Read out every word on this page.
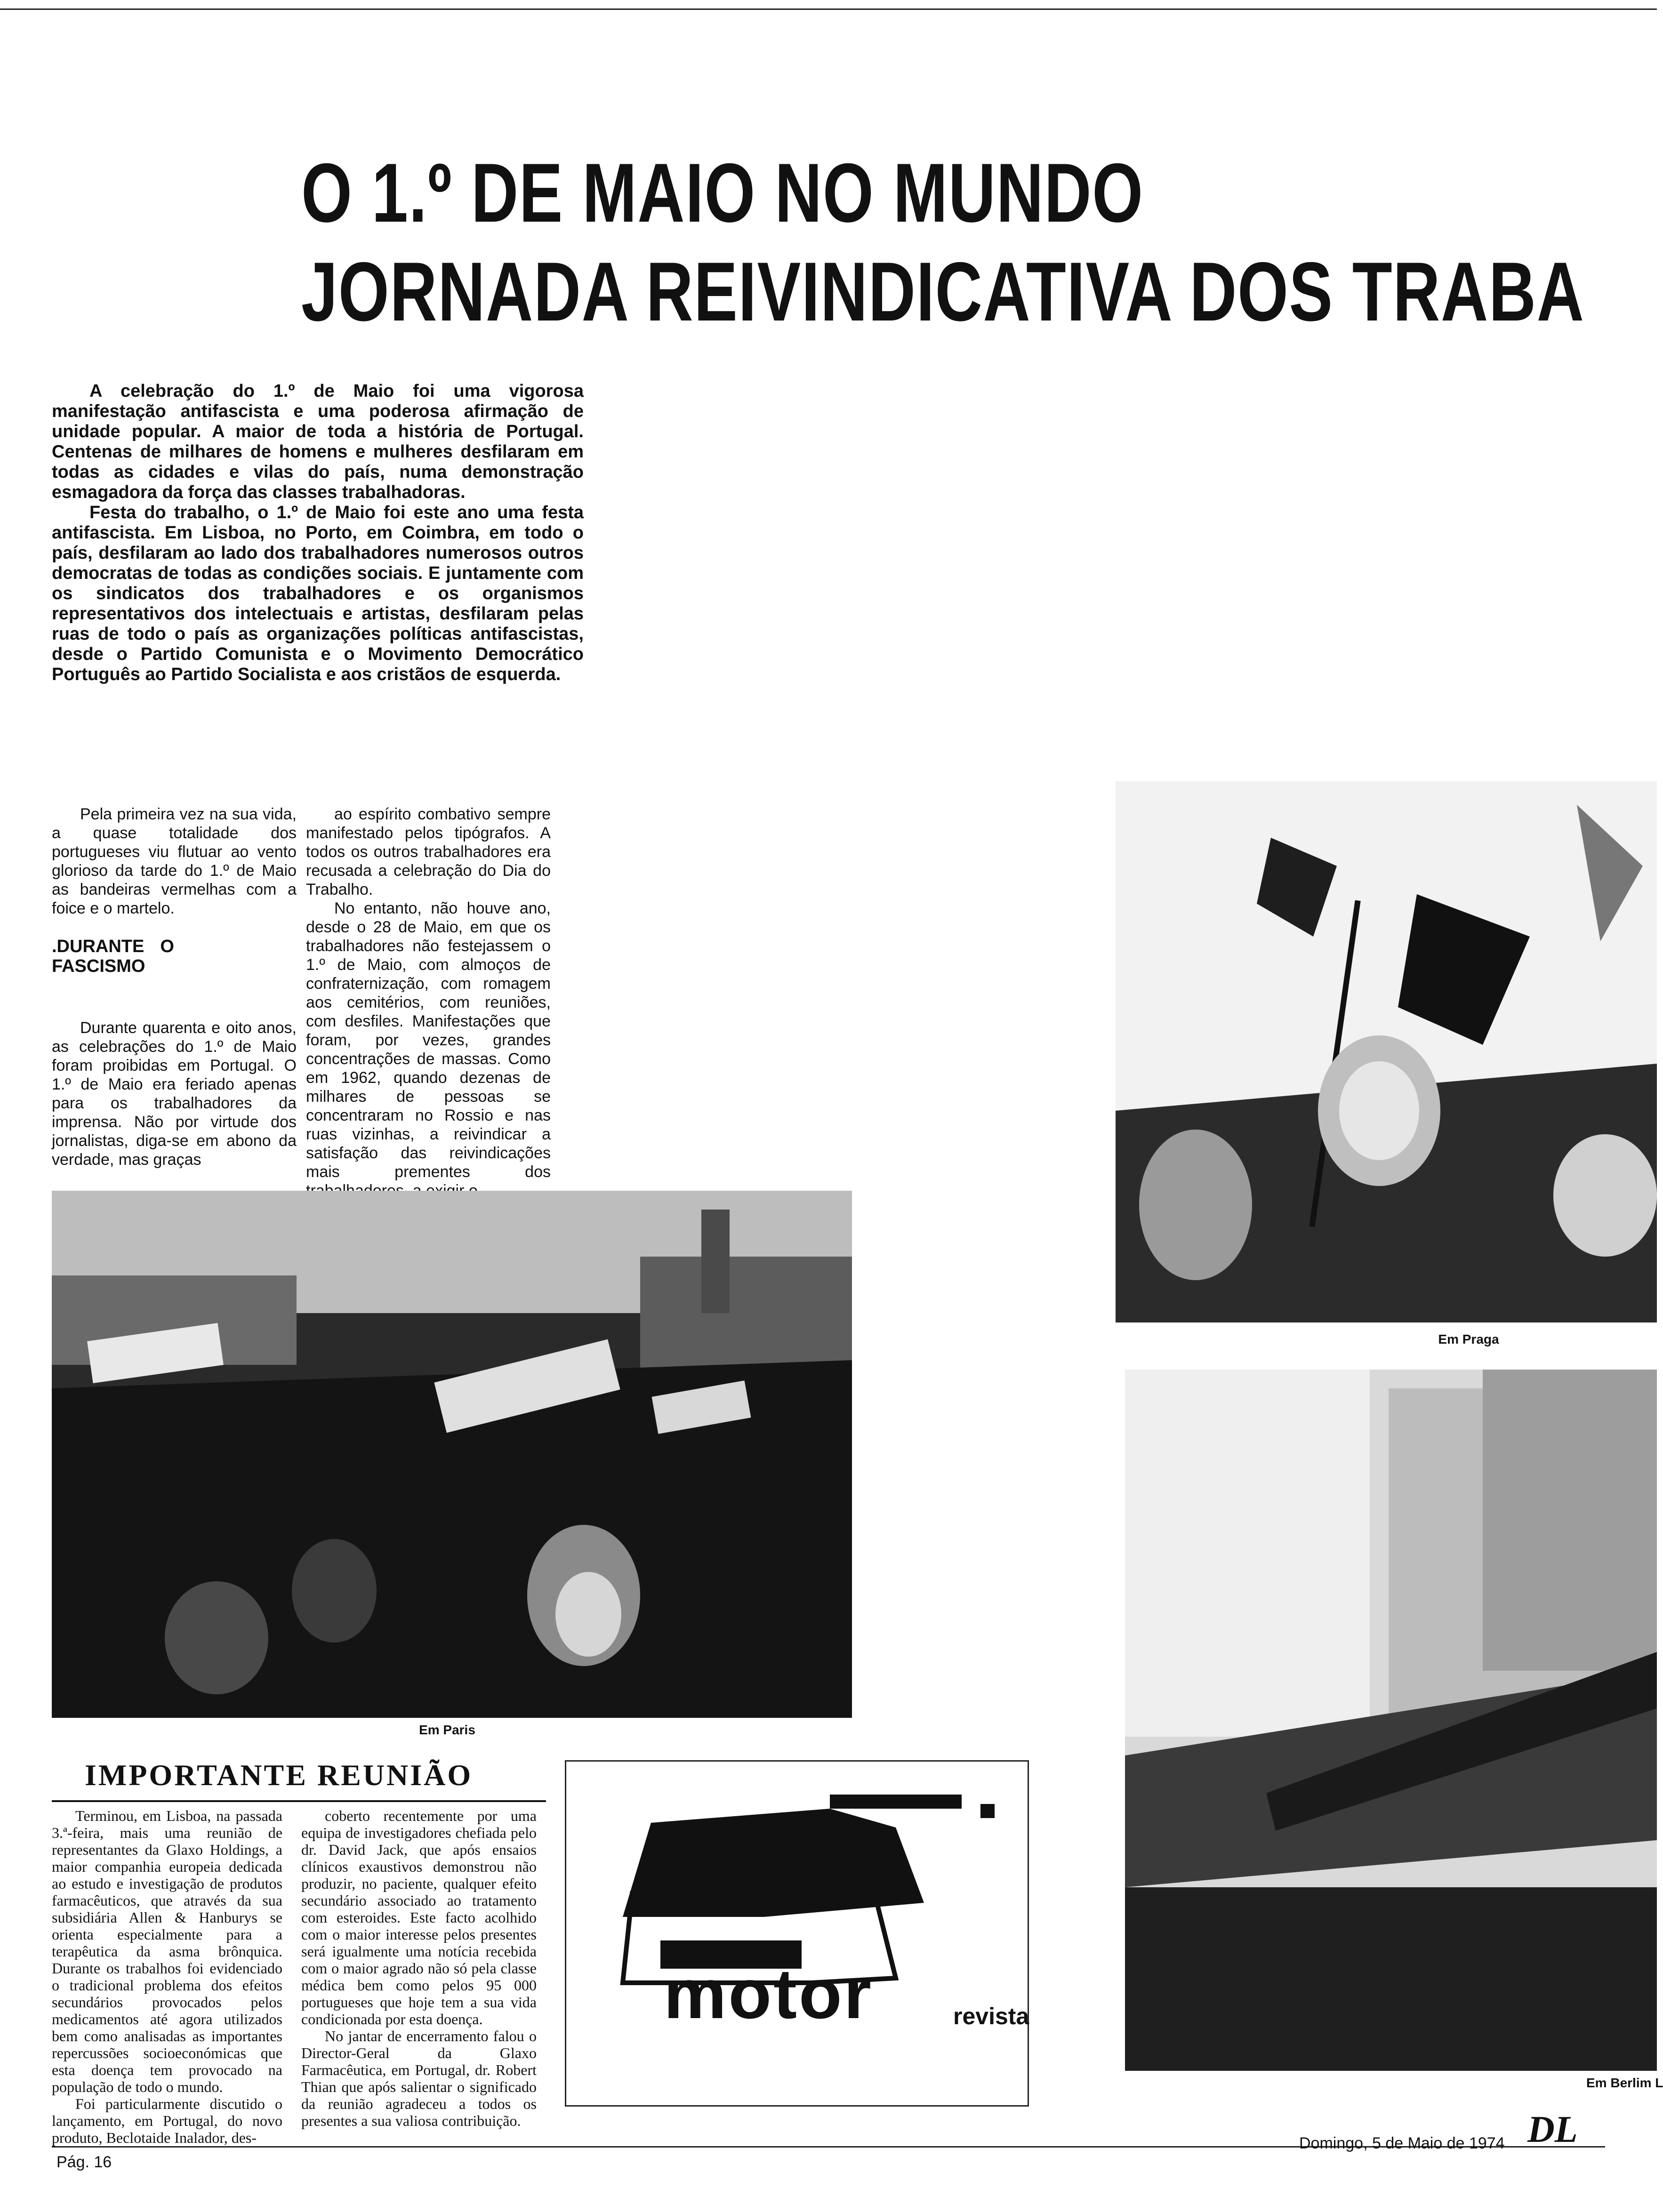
O 1.º DE MAIO NO MUNDO
JORNADA REIVINDICATIVA DOS TRABA

A celebração do 1.º de Maio foi uma vigorosa manifestação antifascista e uma poderosa afirmação de unidade popular. A maior de toda a história de Portugal. Centenas de milhares de homens e mulheres desfilaram em todas as cidades e vilas do país, numa demonstração esmagadora da força das classes trabalhadoras.

Festa do trabalho, o 1.º de Maio foi este ano uma festa antifascista. Em Lisboa, no Porto, em Coimbra, em todo o país, desfilaram ao lado dos trabalhadores numerosos outros democratas de todas as condições sociais. E juntamente com os sindicatos dos trabalhadores e os organismos representativos dos intelectuais e artistas, desfilaram pelas ruas de todo o país as organizações políticas antifascistas, desde o Partido Comunista e o Movimento Democrático Português ao Partido Socialista e aos cristãos de esquerda.

Pela primeira vez na sua vida, a quase totalidade dos portugueses viu flutuar ao vento glorioso da tarde do 1.º de Maio as bandeiras vermelhas com a foice e o martelo.

.DURANTE O FASCISMO

Durante quarenta e oito anos, as celebrações do 1.º de Maio foram proibidas em Portugal. O 1.º de Maio era feriado apenas para os trabalhadores da imprensa. Não por virtude dos jornalistas, diga-se em abono da verdade, mas graças

ao espírito combativo sempre manifestado pelos tipógrafos. A todos os outros trabalhadores era recusada a celebração do Dia do Trabalho.

No entanto, não houve ano, desde o 28 de Maio, em que os trabalhadores não festejassem o 1.º de Maio, com almoços de confraternização, com romagem aos cemitérios, com reuniões, com desfiles. Manifestações que foram, por vezes, grandes concentrações de massas. Como em 1962, quando dezenas de milhares de pessoas se concentraram no Rossio e nas ruas vizinhas, a reivindicar a satisfação das reivindicações mais prementes dos

Em Paris
Em Praga
Em Berlim L
IMPORTANTE REUNIÃO

Terminou, em Lisboa, na passada 3.ª-feira, mais uma reunião de representantes da Glaxo Holdings, a maior companhia europeia dedicada ao estudo e investigação de produtos farmacêuticos, que através da sua subsidiária Allen & Hanburys se orienta especialmente para a terapêutica da asma brônquica. Durante os trabalhos foi evidenciado o tradicional problema dos efeitos secundários provocados pelos medicamentos até agora utilizados bem como analisadas as importantes repercussões socioeconómicas que esta doença tem provocado na população de todo o mundo.

Foi particularmente discutido o lançamento, em Portugal, do novo produto, Beclotaide Inalador, des-

coberto recentemente por uma equipa de investigadores chefiada pelo dr. David Jack, que após ensaios clínicos exaustivos demonstrou não produzir, no paciente, qualquer efeito secundário associado ao tratamento com esteroides. Este facto acolhido com o maior interesse pelos presentes será igualmente uma notícia recebida com o maior agrado não só pela classe médica bem como pelos 95 000 portugueses que hoje tem a sua vida condicionada por esta doença.

No jantar de encerramento falou o Director-Geral da Glaxo Farmacêutica, em Portugal, dr. Robert Thian que após salientar o significado da reunião agradeceu a todos os presentes a sua valiosa contribuição.

motor	revista
Pág. 16
Domingo, 5 de Maio de 1974 DL
